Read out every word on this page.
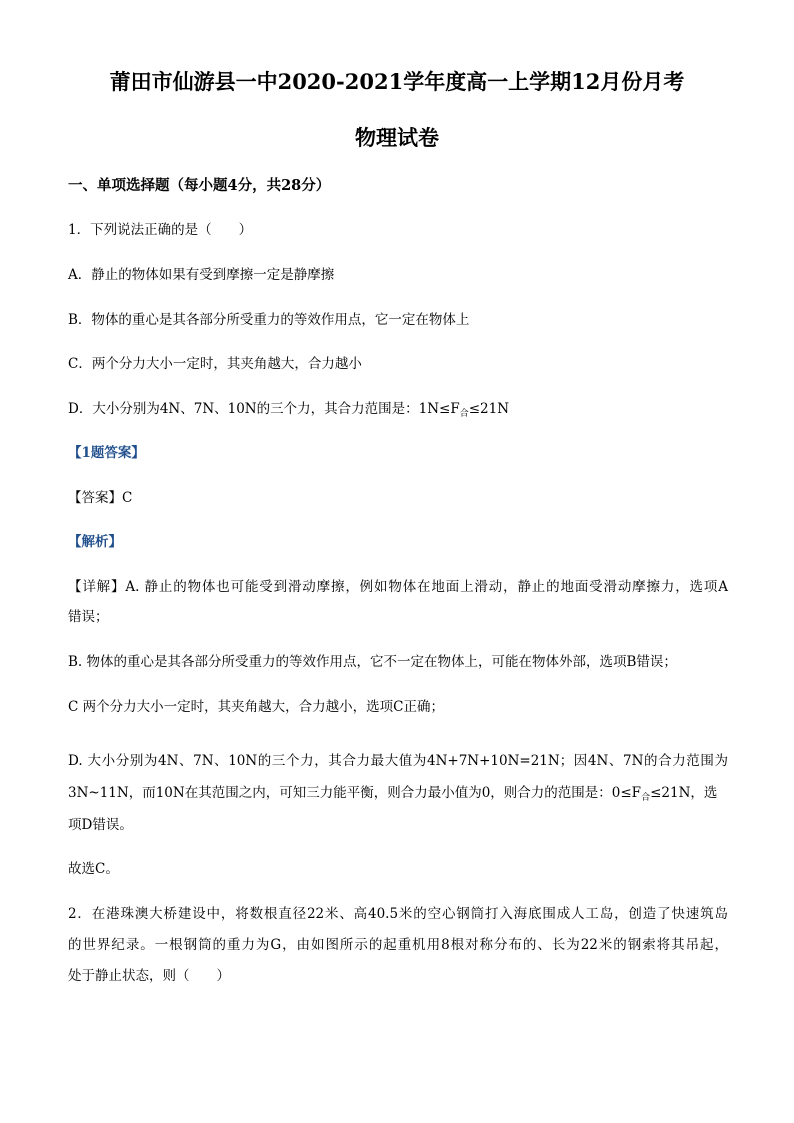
莆田市仙游县一中2020-2021学年度高一上学期12月份月考
物理试卷
一、单项选择题（每小题4分，共28分）
1．下列说法正确的是（　　）
A．静止的物体如果有受到摩擦一定是静摩擦
B．物体的重心是其各部分所受重力的等效作用点，它一定在物体上
C．两个分力大小一定时，其夹角越大，合力越小
D．大小分别为4N、7N、10N的三个力，其合力范围是：$1N\le F_合\le 21N$
【1题答案】
【答案】C
【解析】
【详解】A. 静止的物体也可能受到滑动摩擦，例如物体在地面上滑动，静止的地面受滑动摩擦力，选项A
错误；
B. 物体的重心是其各部分所受重力的等效作用点，它不一定在物体上，可能在物体外部，选项B错误；
C 两个分力大小一定时，其夹角越大，合力越小，选项C正确；
D. 大小分别为4N、7N、10N的三个力，其合力最大值为4N+7N+10N=21N；因4N、7N的合力范围为
3N~11N，而10N在其范围之内，可知三力能平衡，则合力最小值为0，则合力的范围是：$0\le F_合\le 21N$，选
项D错误。
故选C。
2．在港珠澳大桥建设中，将数根直径22米、高40.5米的空心钢筒打入海底围成人工岛，创造了快速筑岛
的世界纪录。一根钢筒的重力为G，由如图所示的起重机用8根对称分布的、长为22米的钢索将其吊起，
处于静止状态，则（　　）
